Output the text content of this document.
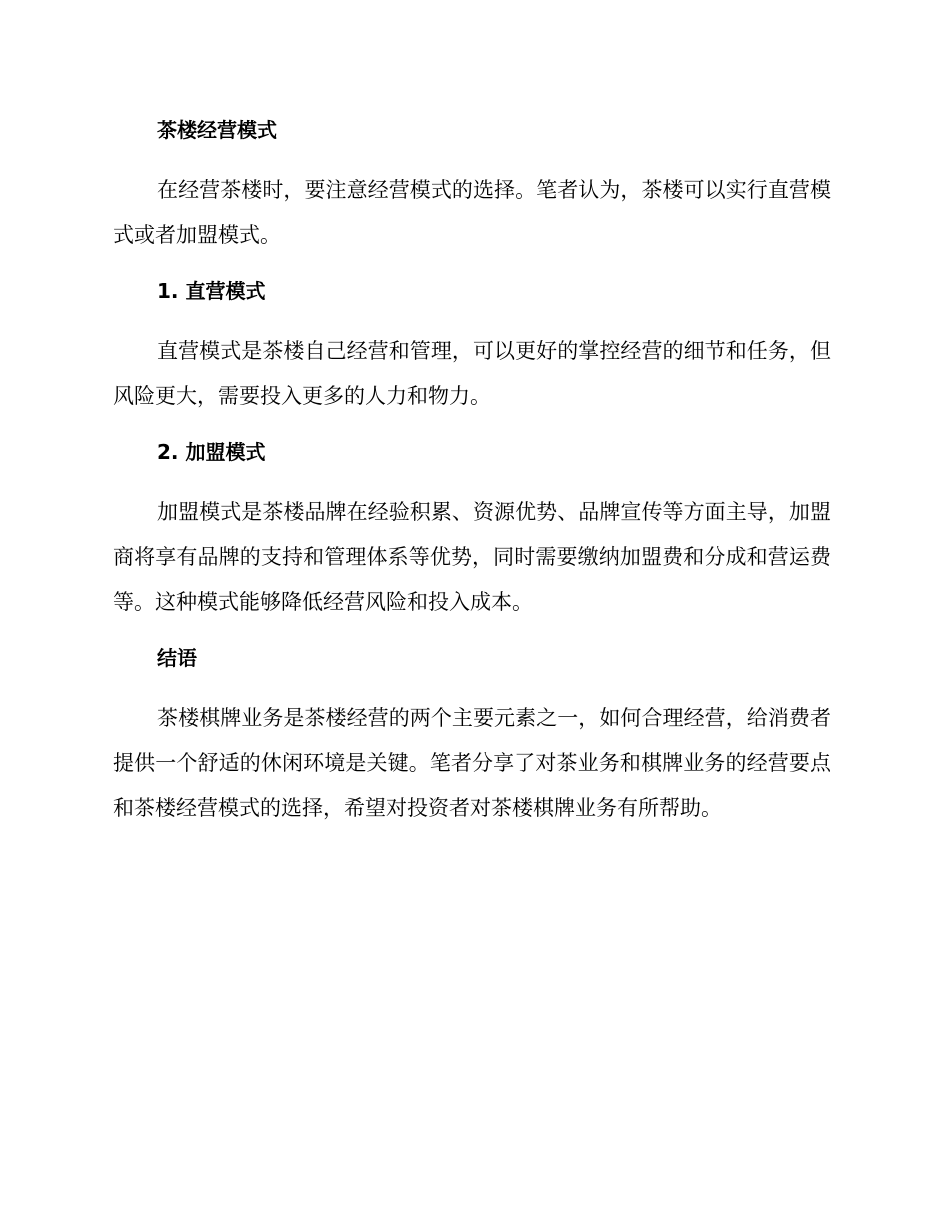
茶楼经营模式

在经营茶楼时，要注意经营模式的选择。笔者认为，茶楼可以实行直营模式或者加盟模式。

1. 直营模式

直营模式是茶楼自己经营和管理，可以更好的掌控经营的细节和任务，但风险更大，需要投入更多的人力和物力。

2. 加盟模式

加盟模式是茶楼品牌在经验积累、资源优势、品牌宣传等方面主导，加盟商将享有品牌的支持和管理体系等优势，同时需要缴纳加盟费和分成和营运费等。这种模式能够降低经营风险和投入成本。

结语

茶楼棋牌业务是茶楼经营的两个主要元素之一，如何合理经营，给消费者提供一个舒适的休闲环境是关键。笔者分享了对茶业务和棋牌业务的经营要点和茶楼经营模式的选择，希望对投资者对茶楼棋牌业务有所帮助。
